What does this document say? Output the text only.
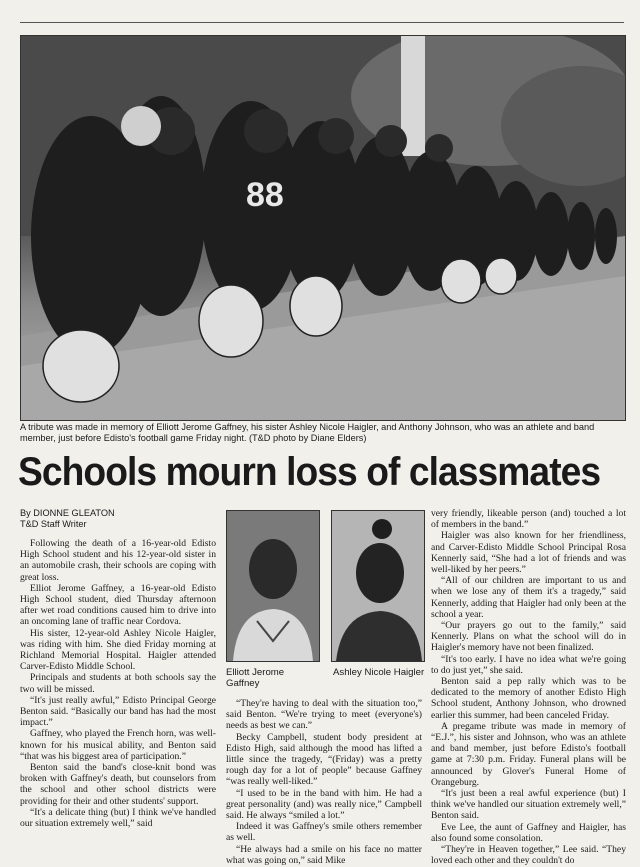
88
A tribute was made in memory of Elliott Jerome Gaffney, his sister Ashley Nicole Haigler, and Anthony Johnson, who was an athlete and band member, just before Edisto's football game Friday night. (T&D photo by Diane Elders)
Schools mourn loss of classmates
By DIONNE GLEATON
T&D Staff Writer

Following the death of a 16-year-old Edisto High School student and his 12-year-old sister in an automobile crash, their schools are coping with great loss.

Elliot Jerome Gaffney, a 16-year-old Edisto High School student, died Thursday afternoon after wet road conditions caused him to drive into an oncoming lane of traffic near Cordova.

His sister, 12-year-old Ashley Nicole Haigler, was riding with him. She died Friday morning at Richland Memorial Hospital. Haigler attended Carver-Edisto Middle School.

Principals and students at both schools say the two will be missed.

“It's just really awful,” Edisto Principal George Benton said. “Basically our band has had the most impact.”

Gaffney, who played the French horn, was well-known for his musical ability, and Benton said “that was his biggest area of participation.”

Benton said the band's close-knit bond was broken with Gaffney's death, but counselors from the school and other school districts were providing for their and other students' support.

“It's a delicate thing (but) I think we've handled our situation extremely well,” said

Elliott Jerome Gaffney
Ashley Nicole Haigler

“They're having to deal with the situation too,” said Benton. “We're trying to meet (everyone's) needs as best we can.”

Becky Campbell, student body president at Edisto High, said although the mood has lifted a little since the tragedy, “(Friday) was a pretty rough day for a lot of people” because Gaffney “was really well-liked.”

“I used to be in the band with him. He had a great personality (and) was really nice,” Campbell said. He always “smiled a lot.”

Indeed it was Gaffney's smile others remember as well.

“He always had a smile on his face no matter what was going on,” said Mike

very friendly, likeable person (and) touched a lot of members in the band.”

Haigler was also known for her friendliness, and Carver-Edisto Middle School Principal Rosa Kennerly said, “She had a lot of friends and was well-liked by her peers.”

“All of our children are important to us and when we lose any of them it's a tragedy,” said Kennerly, adding that Haigler had only been at the school a year.

“Our prayers go out to the family,” said Kennerly. Plans on what the school will do in Haigler's memory have not been finalized.

“It's too early. I have no idea what we're going to do just yet,” she said.

Benton said a pep rally which was to be dedicated to the memory of another Edisto High School student, Anthony Johnson, who drowned earlier this summer, had been canceled Friday.

A pregame tribute was made in memory of “E.J.”, his sister and Johnson, who was an athlete and band member, just before Edisto's football game at 7:30 p.m. Friday. Funeral plans will be announced by Glover's Funeral Home of Orangeburg.

“It's just been a real awful experience (but) I think we've handled our situation extremely well,” Benton said.

Eve Lee, the aunt of Gaffney and Haigler, has also found some consolation.

“They're in Heaven together,” Lee said. “They loved each other and they couldn't do
